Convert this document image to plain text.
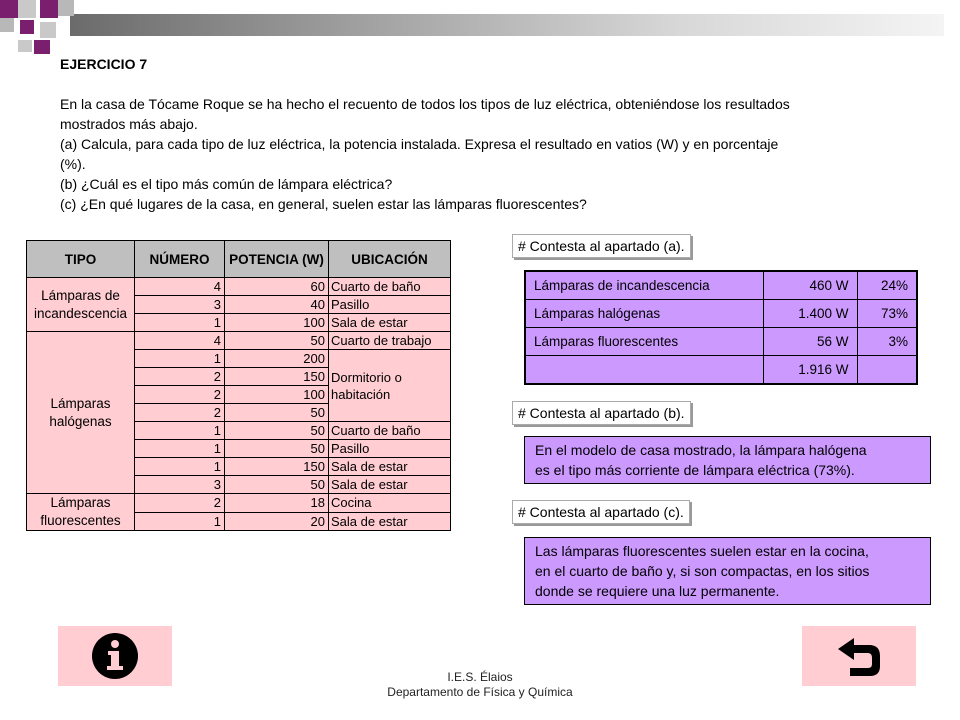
EJERCICIO 7
En la casa de Tócame Roque se ha hecho el recuento de todos los tipos de luz eléctrica, obteniéndose los resultados
mostrados más abajo.
(a) Calcula, para cada tipo de luz eléctrica, la potencia instalada. Expresa el resultado en vatios (W) y en porcentaje
(%).
(b) ¿Cuál es el tipo más común de lámpara eléctrica?
(c) ¿En qué lugares de la casa, en general, suelen estar las lámparas fluorescentes?
TIPO	NÚMERO	POTENCIA (W)	UBICACIÓN
Lámparas de
incandescencia	4	60	Cuarto de baño
	3	40	Pasillo
	1	100	Sala de estar
Lámparas
halógenas	4	50	Cuarto de trabajo
	1	200	Dormitorio o habitación
	2	150	
	2	100	
	2	50	
	1	50	Cuarto de baño
	1	50	Pasillo
	1	150	Sala de estar
	3	50	Sala de estar
Lámparas
fluorescentes	2	18	Cocina
	1	20	Sala de estar
# Contesta al apartado (a).
Lámparas de incandescencia	460 W	24%
Lámparas halógenas	1.400 W	73%
Lámparas fluorescentes	56 W	3%
	1.916 W	
# Contesta al apartado (b).
En el modelo de casa mostrado, la lámpara halógena
es el tipo más corriente de lámpara eléctrica (73%).
# Contesta al apartado (c).
Las lámparas fluorescentes suelen estar en la cocina,
en el cuarto de baño y, si son compactas, en los sitios
donde se requiere una luz permanente.
I.E.S. Élaios
Departamento de Física y Química
